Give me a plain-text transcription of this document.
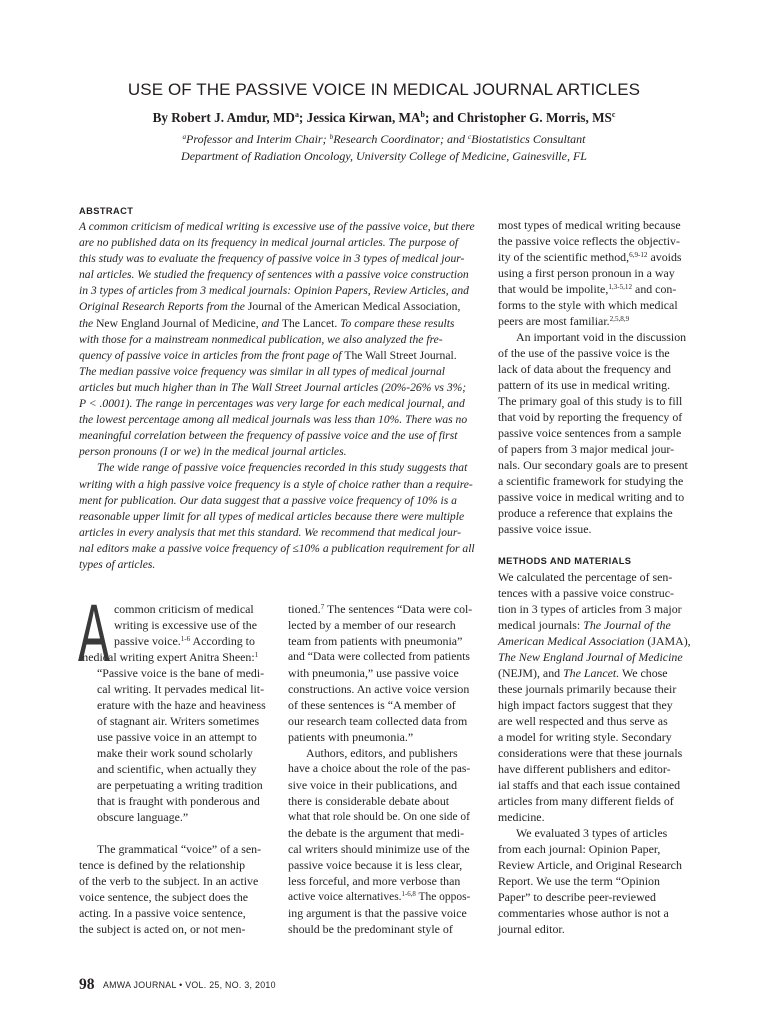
USE OF THE PASSIVE VOICE IN MEDICAL JOURNAL ARTICLES
By Robert J. Amdur, $MD^a$; Jessica Kirwan, $MA^b$; and Christopher G. Morris, $MS^c$
$^a$Professor and Interim Chair; $^b$Research Coordinator; and $^c$Biostatistics Consultant
Department of Radiation Oncology, University College of Medicine, Gainesville, FL
ABSTRACT
A common criticism of medical writing is excessive use of the passive voice, but there
are no published data on its frequency in medical journal articles. The purpose of
this study was to evaluate the frequency of passive voice in 3 types of medical jour-
nal articles. We studied the frequency of sentences with a passive voice construction
in 3 types of articles from 3 medical journals: Opinion Papers, Review Articles, and
Original Research Reports from the Journal of the American Medical Association,
the New England Journal of Medicine, and The Lancet. To compare these results
with those for a mainstream nonmedical publication, we also analyzed the fre-
quency of passive voice in articles from the front page of The Wall Street Journal.
The median passive voice frequency was similar in all types of medical journal
articles but much higher than in The Wall Street Journal articles (20%-26% vs 3%;
P < .0001). The range in percentages was very large for each medical journal, and
the lowest percentage among all medical journals was less than 10%. There was no
meaningful correlation between the frequency of passive voice and the use of first
person pronouns (I or we) in the medical journal articles.
The wide range of passive voice frequencies recorded in this study suggests that
writing with a high passive voice frequency is a style of choice rather than a require-
ment for publication. Our data suggest that a passive voice frequency of 10% is a
reasonable upper limit for all types of medical articles because there were multiple
articles in every analysis that met this standard. We recommend that medical jour-
nal editors make a passive voice frequency of ≤10% a publication requirement for all
types of articles.
most types of medical writing because
the passive voice reflects the objectiv-
ity of the scientific method,$^{6,9-12}$ avoids
using a first person pronoun in a way
that would be impolite,$^{1,3-5,12}$ and con-
forms to the style with which medical
peers are most familiar.$^{2,5,8,9}$
An important void in the discussion
of the use of the passive voice is the
lack of data about the frequency and
pattern of its use in medical writing.
The primary goal of this study is to fill
that void by reporting the frequency of
passive voice sentences from a sample
of papers from 3 major medical jour-
nals. Our secondary goals are to present
a scientific framework for studying the
passive voice in medical writing and to
produce a reference that explains the
passive voice issue.
METHODS AND MATERIALS
We calculated the percentage of sen-
tences with a passive voice construc-
tion in 3 types of articles from 3 major
medical journals: The Journal of the
American Medical Association (JAMA),
The New England Journal of Medicine
(NEJM), and The Lancet. We chose
these journals primarily because their
high impact factors suggest that they
are well respected and thus serve as
a model for writing style. Secondary
considerations were that these journals
have different publishers and editor-
ial staffs and that each issue contained
articles from many different fields of
medicine.
We evaluated 3 types of articles
from each journal: Opinion Paper,
Review Article, and Original Research
Report. We use the term “Opinion
Paper” to describe peer-reviewed
commentaries whose author is not a
journal editor.
A common criticism of medical
writing is excessive use of the
passive voice.$^{1-6}$ According to
medical writing expert Anitra Sheen:$^1$
“Passive voice is the bane of medi-
cal writing. It pervades medical lit-
erature with the haze and heaviness
of stagnant air. Writers sometimes
use passive voice in an attempt to
make their work sound scholarly
and scientific, when actually they
are perpetuating a writing tradition
that is fraught with ponderous and
obscure language.”
The grammatical “voice” of a sen-
tence is defined by the relationship
of the verb to the subject. In an active
voice sentence, the subject does the
acting. In a passive voice sentence,
the subject is acted on, or not men-
tioned.$^7$ The sentences “Data were col-
lected by a member of our research
team from patients with pneumonia”
and “Data were collected from patients
with pneumonia,” use passive voice
constructions. An active voice version
of these sentences is “A member of
our research team collected data from
patients with pneumonia.”
Authors, editors, and publishers
have a choice about the role of the pas-
sive voice in their publications, and
there is considerable debate about
what that role should be. On one side of
the debate is the argument that medi-
cal writers should minimize use of the
passive voice because it is less clear,
less forceful, and more verbose than
active voice alternatives.$^{1-6,8}$ The oppos-
ing argument is that the passive voice
should be the predominant style of
98 AMWA JOURNAL • VOL. 25, NO. 3, 2010
